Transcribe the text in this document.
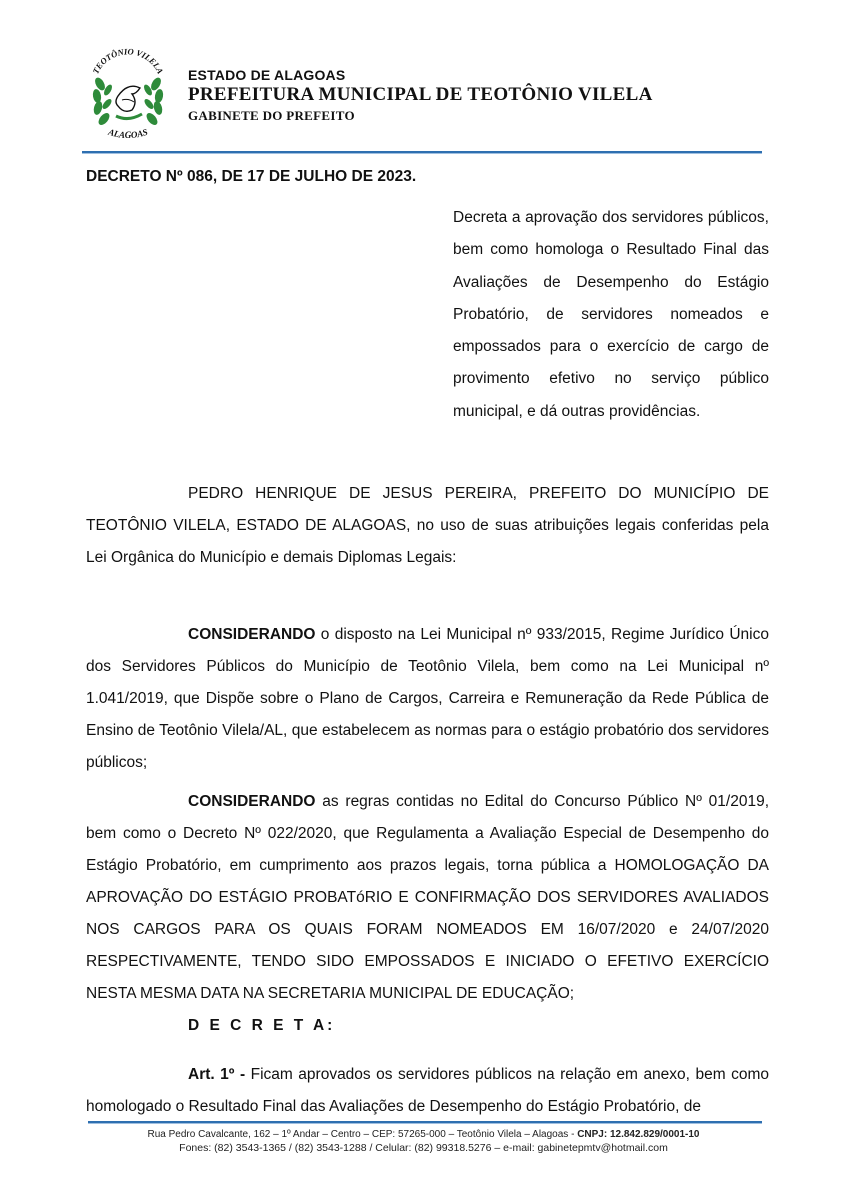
TEOTÔNIO VILELA
ALAGOAS
ESTADO DE ALAGOAS
PREFEITURA MUNICIPAL DE TEOTÔNIO VILELA
GABINETE DO PREFEITO
DECRETO Nº 086, DE 17 DE JULHO DE 2023.
Decreta a aprovação dos servidores públicos, bem como homologa o Resultado Final das Avaliações de Desempenho do Estágio Probatório, de servidores nomeados e empossados para o exercício de cargo de provimento efetivo no serviço público municipal, e dá outras providências.
PEDRO HENRIQUE DE JESUS PEREIRA, PREFEITO DO MUNICÍPIO DE TEOTÔNIO VILELA, ESTADO DE ALAGOAS, no uso de suas atribuições legais conferidas pela Lei Orgânica do Município e demais Diplomas Legais:
CONSIDERANDO o disposto na Lei Municipal nº 933/2015, Regime Jurídico Único dos Servidores Públicos do Município de Teotônio Vilela, bem como na Lei Municipal nº 1.041/2019, que Dispõe sobre o Plano de Cargos, Carreira e Remuneração da Rede Pública de Ensino de Teotônio Vilela/AL, que estabelecem as normas para o estágio probatório dos servidores públicos;
CONSIDERANDO as regras contidas no Edital do Concurso Público Nº 01/2019, bem como o Decreto Nº 022/2020, que Regulamenta a Avaliação Especial de Desempenho do Estágio Probatório, em cumprimento aos prazos legais, torna pública a HOMOLOGAÇÃO DA APROVAÇÃO DO ESTÁGIO PROBATóRIO E CONFIRMAÇÃO DOS SERVIDORES AVALIADOS NOS CARGOS PARA OS QUAIS FORAM NOMEADOS EM 16/07/2020 e 24/07/2020 RESPECTIVAMENTE, TENDO SIDO EMPOSSADOS E INICIADO O EFETIVO EXERCÍCIO NESTA MESMA DATA NA SECRETARIA MUNICIPAL DE EDUCAÇÃO;
D E C R E T A:
Art. 1º - Ficam aprovados os servidores públicos na relação em anexo, bem como homologado o Resultado Final das Avaliações de Desempenho do Estágio Probatório, de
Rua Pedro Cavalcante, 162 – 1º Andar – Centro – CEP: 57265-000 – Teotônio Vilela – Alagoas - CNPJ: 12.842.829/0001-10
Fones: (82) 3543-1365 / (82) 3543-1288 / Celular: (82) 99318.5276 – e-mail: gabinetepmtv@hotmail.com
